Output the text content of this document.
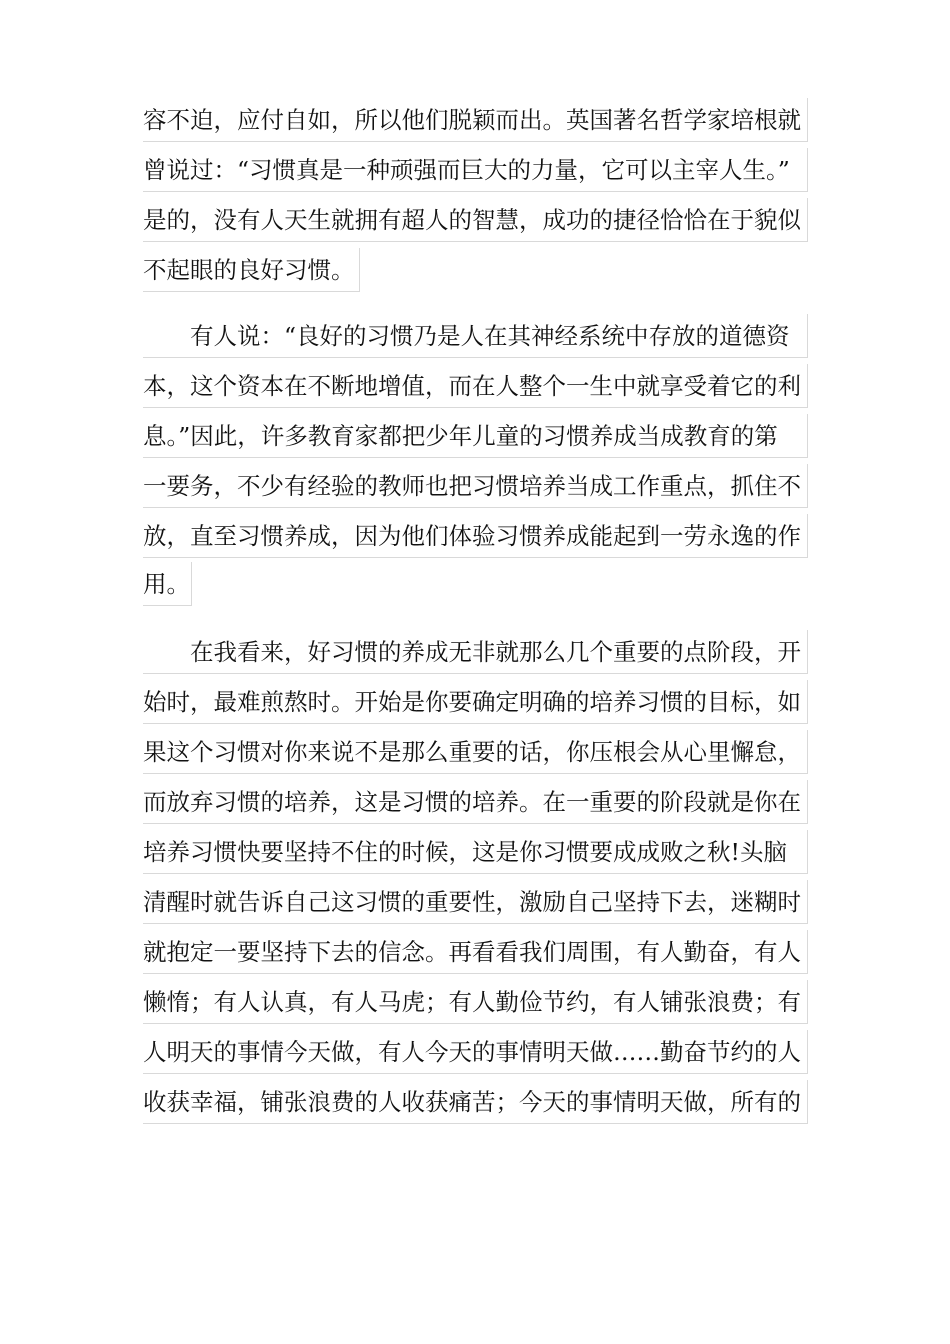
容不迫，应付自如，所以他们脱颖而出。英国著名哲学家培根就
曾说过：“习惯真是一种顽强而巨大的力量，它可以主宰人生。”
是的，没有人天生就拥有超人的智慧，成功的捷径恰恰在于貌似
不起眼的良好习惯。
有人说：“良好的习惯乃是人在其神经系统中存放的道德资
本，这个资本在不断地增值，而在人整个一生中就享受着它的利
息。”因此，许多教育家都把少年儿童的习惯养成当成教育的第
一要务，不少有经验的教师也把习惯培养当成工作重点，抓住不
放，直至习惯养成，因为他们体验习惯养成能起到一劳永逸的作
用。
在我看来，好习惯的养成无非就那么几个重要的点阶段，开
始时，最难煎熬时。开始是你要确定明确的培养习惯的目标，如
果这个习惯对你来说不是那么重要的话，你压根会从心里懈怠，
而放弃习惯的培养，这是习惯的培养。在一重要的阶段就是你在
培养习惯快要坚持不住的时候，这是你习惯要成成败之秋!头脑
清醒时就告诉自己这习惯的重要性，激励自己坚持下去，迷糊时
就抱定一要坚持下去的信念。再看看我们周围，有人勤奋，有人
懒惰；有人认真，有人马虎；有人勤俭节约，有人铺张浪费；有
人明天的事情今天做，有人今天的事情明天做……勤奋节约的人
收获幸福，铺张浪费的人收获痛苦；今天的事情明天做，所有的
